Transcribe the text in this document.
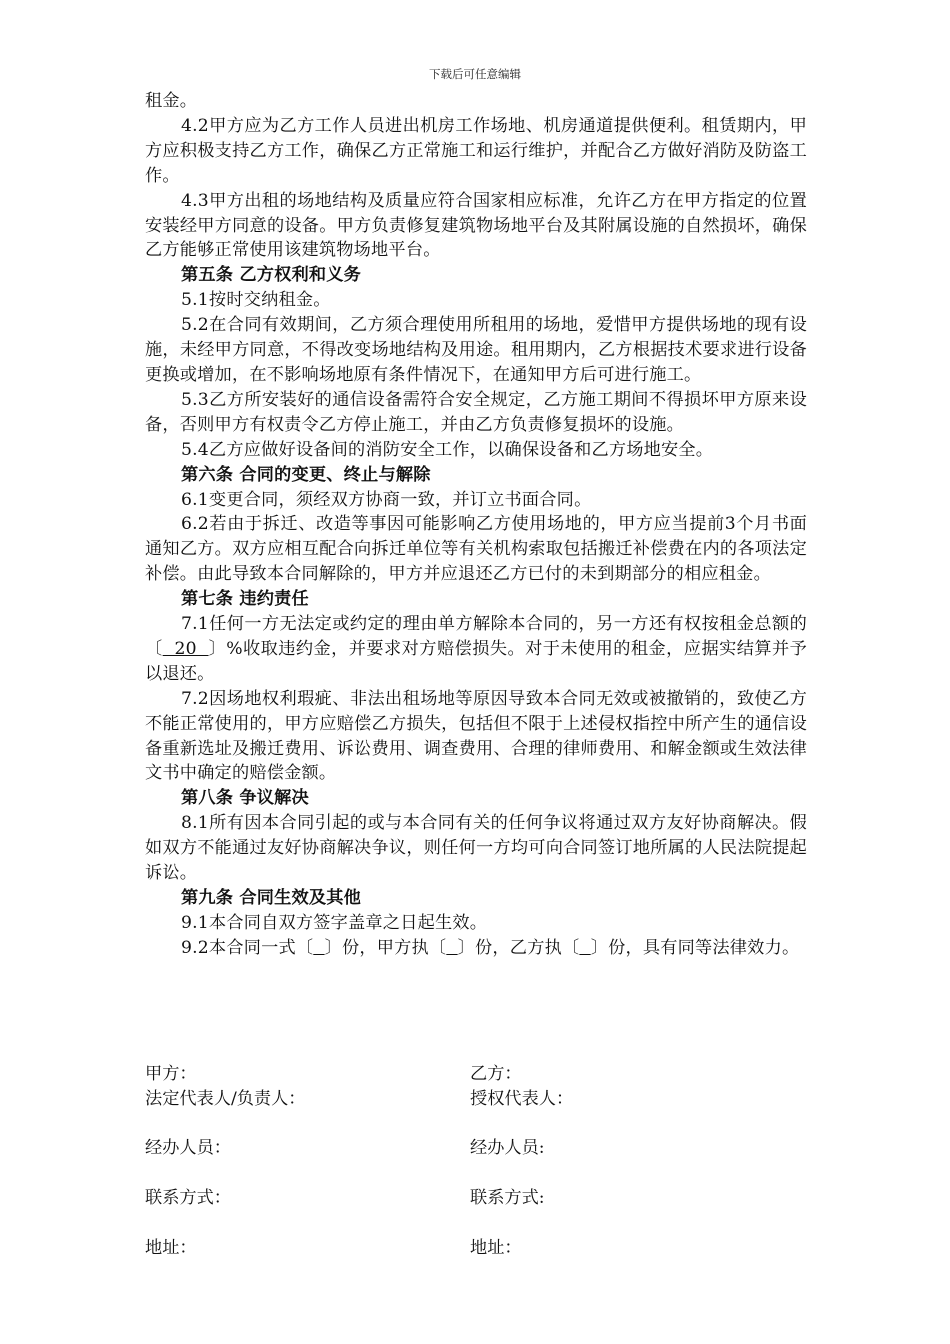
下载后可任意编辑

租金。

4.2甲方应为乙方工作人员进出机房工作场地、机房通道提供便利。租赁期内，甲方应积极支持乙方工作，确保乙方正常施工和运行维护，并配合乙方做好消防及防盗工作。

4.3甲方出租的场地结构及质量应符合国家相应标准，允许乙方在甲方指定的位置安装经甲方同意的设备。甲方负责修复建筑物场地平台及其附属设施的自然损坏，确保乙方能够正常使用该建筑物场地平台。

第五条 乙方权利和义务

5.1按时交纳租金。

5.2在合同有效期间，乙方须合理使用所租用的场地，爱惜甲方提供场地的现有设施，未经甲方同意，不得改变场地结构及用途。租用期内，乙方根据技术要求进行设备更换或增加，在不影响场地原有条件情况下，在通知甲方后可进行施工。

5.3乙方所安装好的通信设备需符合安全规定，乙方施工期间不得损坏甲方原来设备，否则甲方有权责令乙方停止施工，并由乙方负责修复损坏的设施。

5.4乙方应做好设备间的消防安全工作，以确保设备和乙方场地安全。

第六条 合同的变更、终止与解除

6.1变更合同，须经双方协商一致，并订立书面合同。

6.2若由于拆迁、改造等事因可能影响乙方使用场地的，甲方应当提前3个月书面通知乙方。双方应相互配合向拆迁单位等有关机构索取包括搬迁补偿费在内的各项法定补偿。由此导致本合同解除的，甲方并应退还乙方已付的未到期部分的相应租金。

第七条 违约责任

7.1任何一方无法定或约定的理由单方解除本合同的，另一方还有权按租金总额的〔  20  〕%收取违约金，并要求对方赔偿损失。对于未使用的租金，应据实结算并予以退还。

7.2因场地权利瑕疵、非法出租场地等原因导致本合同无效或被撤销的，致使乙方不能正常使用的，甲方应赔偿乙方损失，包括但不限于上述侵权指控中所产生的通信设备重新选址及搬迁费用、诉讼费用、调查费用、合理的律师费用、和解金额或生效法律文书中确定的赔偿金额。

第八条 争议解决

8.1所有因本合同引起的或与本合同有关的任何争议将通过双方友好协商解决。假如双方不能通过友好协商解决争议，则任何一方均可向合同签订地所属的人民法院提起诉讼。

第九条 合同生效及其他

9.1本合同自双方签字盖章之日起生效。

9.2本合同一式〔 〕份，甲方执〔 〕份，乙方执〔 〕份，具有同等法律效力。

甲方：	乙方：
法定代表人/负责人：	授权代表人：
经办人员：	经办人员:
联系方式：	联系方式:
地址：	地址：
